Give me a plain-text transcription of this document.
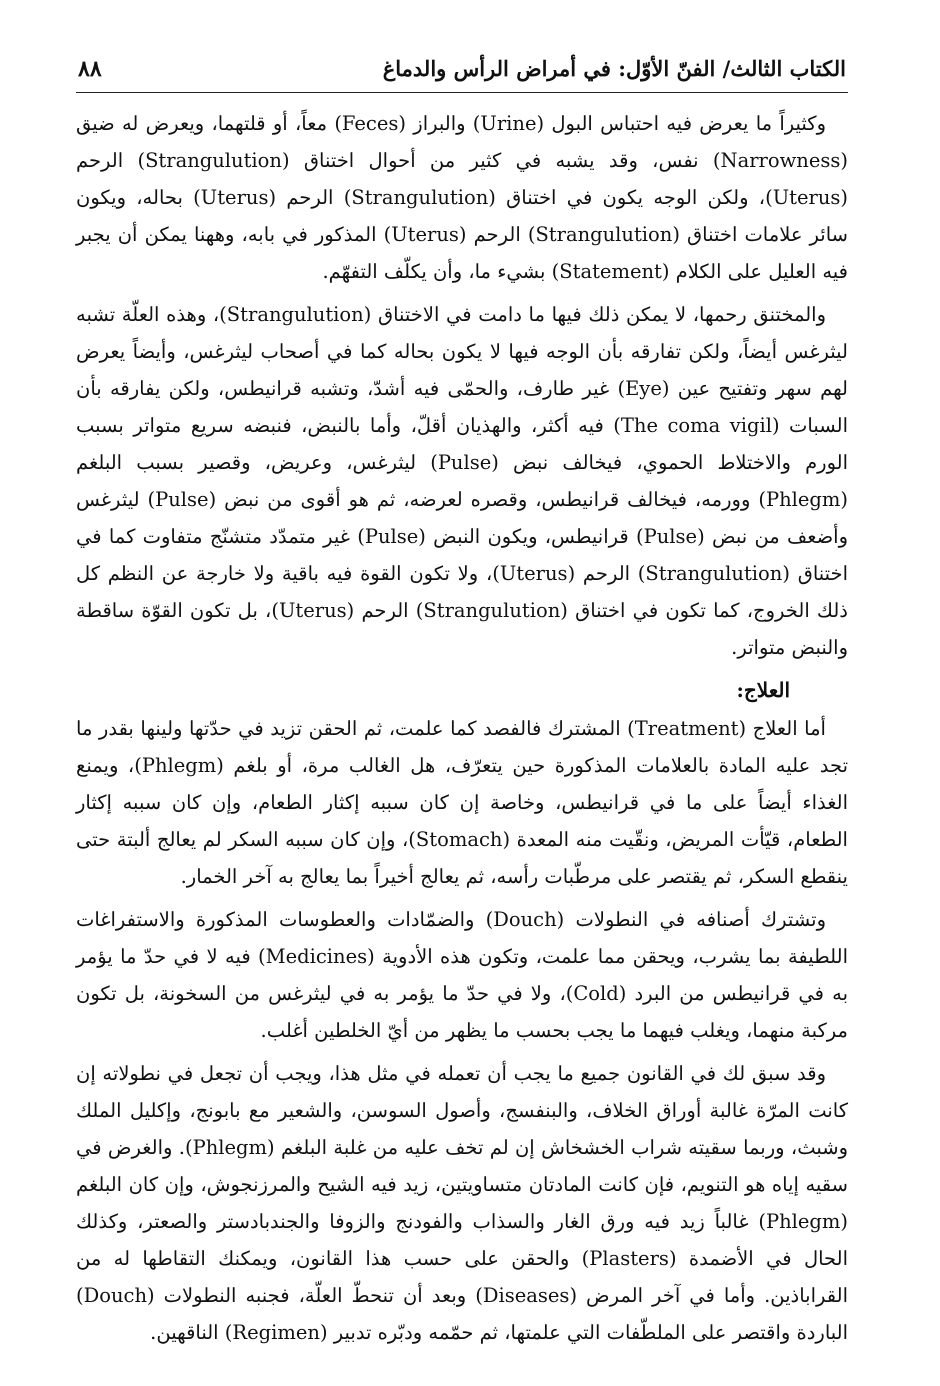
الكتاب الثالث/ الفنّ الأوّل: في أمراض الرأس والدماغ
٨٨

وكثيراً ما يعرض فيه احتباس البول (Urine) والبراز (Feces) معاً، أو قلتهما، ويعرض له ضيق (Narrowness) نفس، وقد يشبه في كثير من أحوال اختناق (Strangulution) الرحم (Uterus)، ولكن الوجه يكون في اختناق (Strangulution) الرحم (Uterus) بحاله، ويكون سائر علامات اختناق (Strangulution) الرحم (Uterus) المذكور في بابه، وههنا يمكن أن يجبر فيه العليل على الكلام (Statement) بشيء ما، وأن يكلّف التفهّم.

والمختنق رحمها، لا يمكن ذلك فيها ما دامت في الاختناق (Strangulution)، وهذه العلّة تشبه ليثرغس أيضاً، ولكن تفارقه بأن الوجه فيها لا يكون بحاله كما في أصحاب ليثرغس، وأيضاً يعرض لهم سهر وتفتيح عين (Eye) غير طارف، والحمّى فيه أشدّ، وتشبه قرانيطس، ولكن يفارقه بأن السبات (The coma vigil) فيه أكثر، والهذيان أقلّ، وأما بالنبض، فنبضه سريع متواتر بسبب الورم والاختلاط الحموي، فيخالف نبض (Pulse) ليثرغس، وعريض، وقصير بسبب البلغم (Phlegm) وورمه، فيخالف قرانيطس، وقصره لعرضه، ثم هو أقوى من نبض (Pulse) ليثرغس وأضعف من نبض (Pulse) قرانيطس، ويكون النبض (Pulse) غير متمدّد متشنّج متفاوت كما في اختناق (Strangulution) الرحم (Uterus)، ولا تكون القوة فيه باقية ولا خارجة عن النظم كل ذلك الخروج، كما تكون في اختناق (Strangulution) الرحم (Uterus)، بل تكون القوّة ساقطة والنبض متواتر.

العلاج:

أما العلاج (Treatment) المشترك فالفصد كما علمت، ثم الحقن تزيد في حدّتها ولينها بقدر ما تجد عليه المادة بالعلامات المذكورة حين يتعرّف، هل الغالب مرة، أو بلغم (Phlegm)، ويمنع الغذاء أيضاً على ما في قرانيطس، وخاصة إن كان سببه إكثار الطعام، وإن كان سببه إكثار الطعام، قيّأت المريض، ونقّيت منه المعدة (Stomach)، وإن كان سببه السكر لم يعالج ألبتة حتى ينقطع السكر، ثم يقتصر على مرطّبات رأسه، ثم يعالج أخيراً بما يعالج به آخر الخمار.

وتشترك أصنافه في النطولات (Douch) والضمّادات والعطوسات المذكورة والاستفراغات اللطيفة بما يشرب، ويحقن مما علمت، وتكون هذه الأدوية (Medicines) فيه لا في حدّ ما يؤمر به في قرانيطس من البرد (Cold)، ولا في حدّ ما يؤمر به في ليثرغس من السخونة، بل تكون مركبة منهما، ويغلب فيهما ما يجب بحسب ما يظهر من أيّ الخلطين أغلب.

وقد سبق لك في القانون جميع ما يجب أن تعمله في مثل هذا، ويجب أن تجعل في نطولاته إن كانت المرّة غالبة أوراق الخلاف، والبنفسج، وأصول السوسن، والشعير مع بابونج، وإكليل الملك وشبث، وربما سقيته شراب الخشخاش إن لم تخف عليه من غلبة البلغم (Phlegm). والغرض في سقيه إياه هو التنويم، فإن كانت المادتان متساويتين، زيد فيه الشيح والمرزنجوش، وإن كان البلغم (Phlegm) غالباً زيد فيه ورق الغار والسذاب والفودنج والزوفا والجندبادستر والصعتر، وكذلك الحال في الأضمدة (Plasters) والحقن على حسب هذا القانون، ويمكنك التقاطها له من القراباذين. وأما في آخر المرض (Diseases) وبعد أن تنحطّ العلّة، فجنبه النطولات (Douch) الباردة واقتصر على الملطّفات التي علمتها، ثم حمّمه ودبّره تدبير (Regimen) الناقهين.
